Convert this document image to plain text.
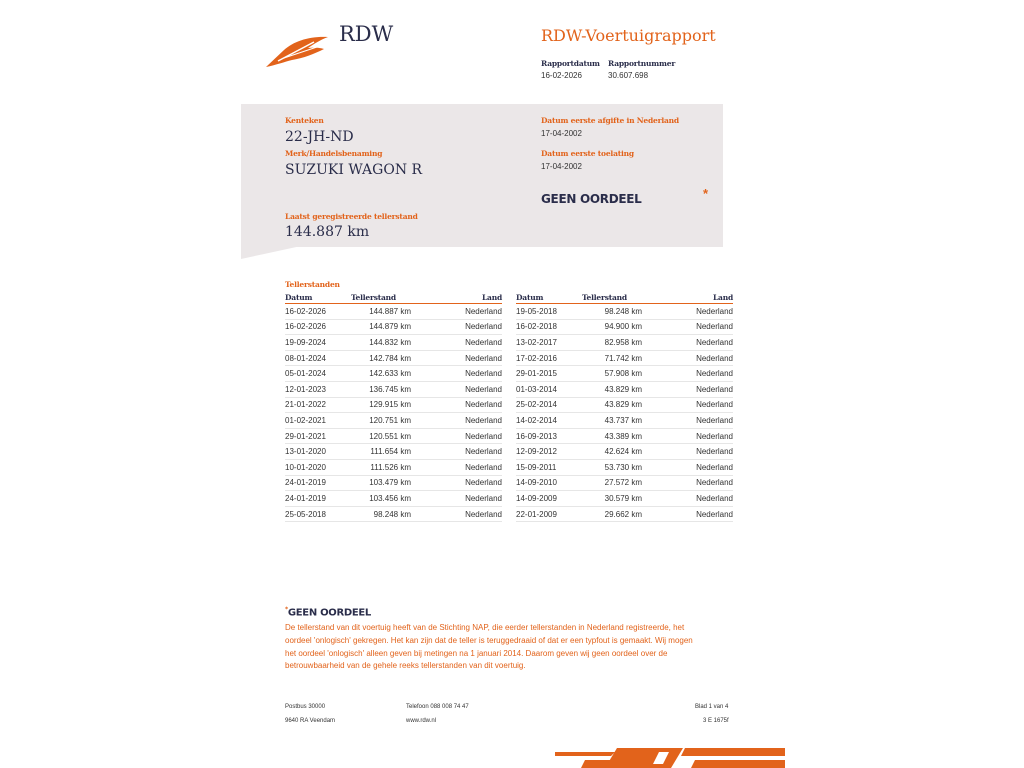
RDW	RDW-Voertuigrapport
Rapportdatum
16-02-2026
Rapportnummer
30.607.698
Kenteken
22-JH-ND
Merk/Handelsbenaming
SUZUKI WAGON R
Laatst geregistreerde tellerstand
144.887 km
Datum eerste afgifte in Nederland
17-04-2002
Datum eerste toelating
17-04-2002
GEEN OORDEEL	*
Tellerstanden
Datum	Tellerstand	Land
16-02-2026	144.887 km	Nederland
16-02-2026	144.879 km	Nederland
19-09-2024	144.832 km	Nederland
08-01-2024	142.784 km	Nederland
05-01-2024	142.633 km	Nederland
12-01-2023	136.745 km	Nederland
21-01-2022	129.915 km	Nederland
01-02-2021	120.751 km	Nederland
29-01-2021	120.551 km	Nederland
13-01-2020	111.654 km	Nederland
10-01-2020	111.526 km	Nederland
24-01-2019	103.479 km	Nederland
24-01-2019	103.456 km	Nederland
25-05-2018	98.248 km	Nederland
Datum	Tellerstand	Land
19-05-2018	98.248 km	Nederland
16-02-2018	94.900 km	Nederland
13-02-2017	82.958 km	Nederland
17-02-2016	71.742 km	Nederland
29-01-2015	57.908 km	Nederland
01-03-2014	43.829 km	Nederland
25-02-2014	43.829 km	Nederland
14-02-2014	43.737 km	Nederland
16-09-2013	43.389 km	Nederland
12-09-2012	42.624 km	Nederland
15-09-2011	53.730 km	Nederland
14-09-2010	27.572 km	Nederland
14-09-2009	30.579 km	Nederland
22-01-2009	29.662 km	Nederland
*GEEN OORDEEL
De tellerstand van dit voertuig heeft van de Stichting NAP, die eerder tellerstanden in Nederland registreerde, het oordeel 'onlogisch' gekregen. Het kan zijn dat de teller is teruggedraaid of dat er een typfout is gemaakt. Wij mogen het oordeel 'onlogisch' alleen geven bij metingen na 1 januari 2014. Daarom geven wij geen oordeel over de betrouwbaarheid van de gehele reeks tellerstanden van dit voertuig.
Postbus 30000
9640 RA Veendam
Telefoon 088 008 74 47
www.rdw.nl
Blad 1 van 4
3 E 1675f
